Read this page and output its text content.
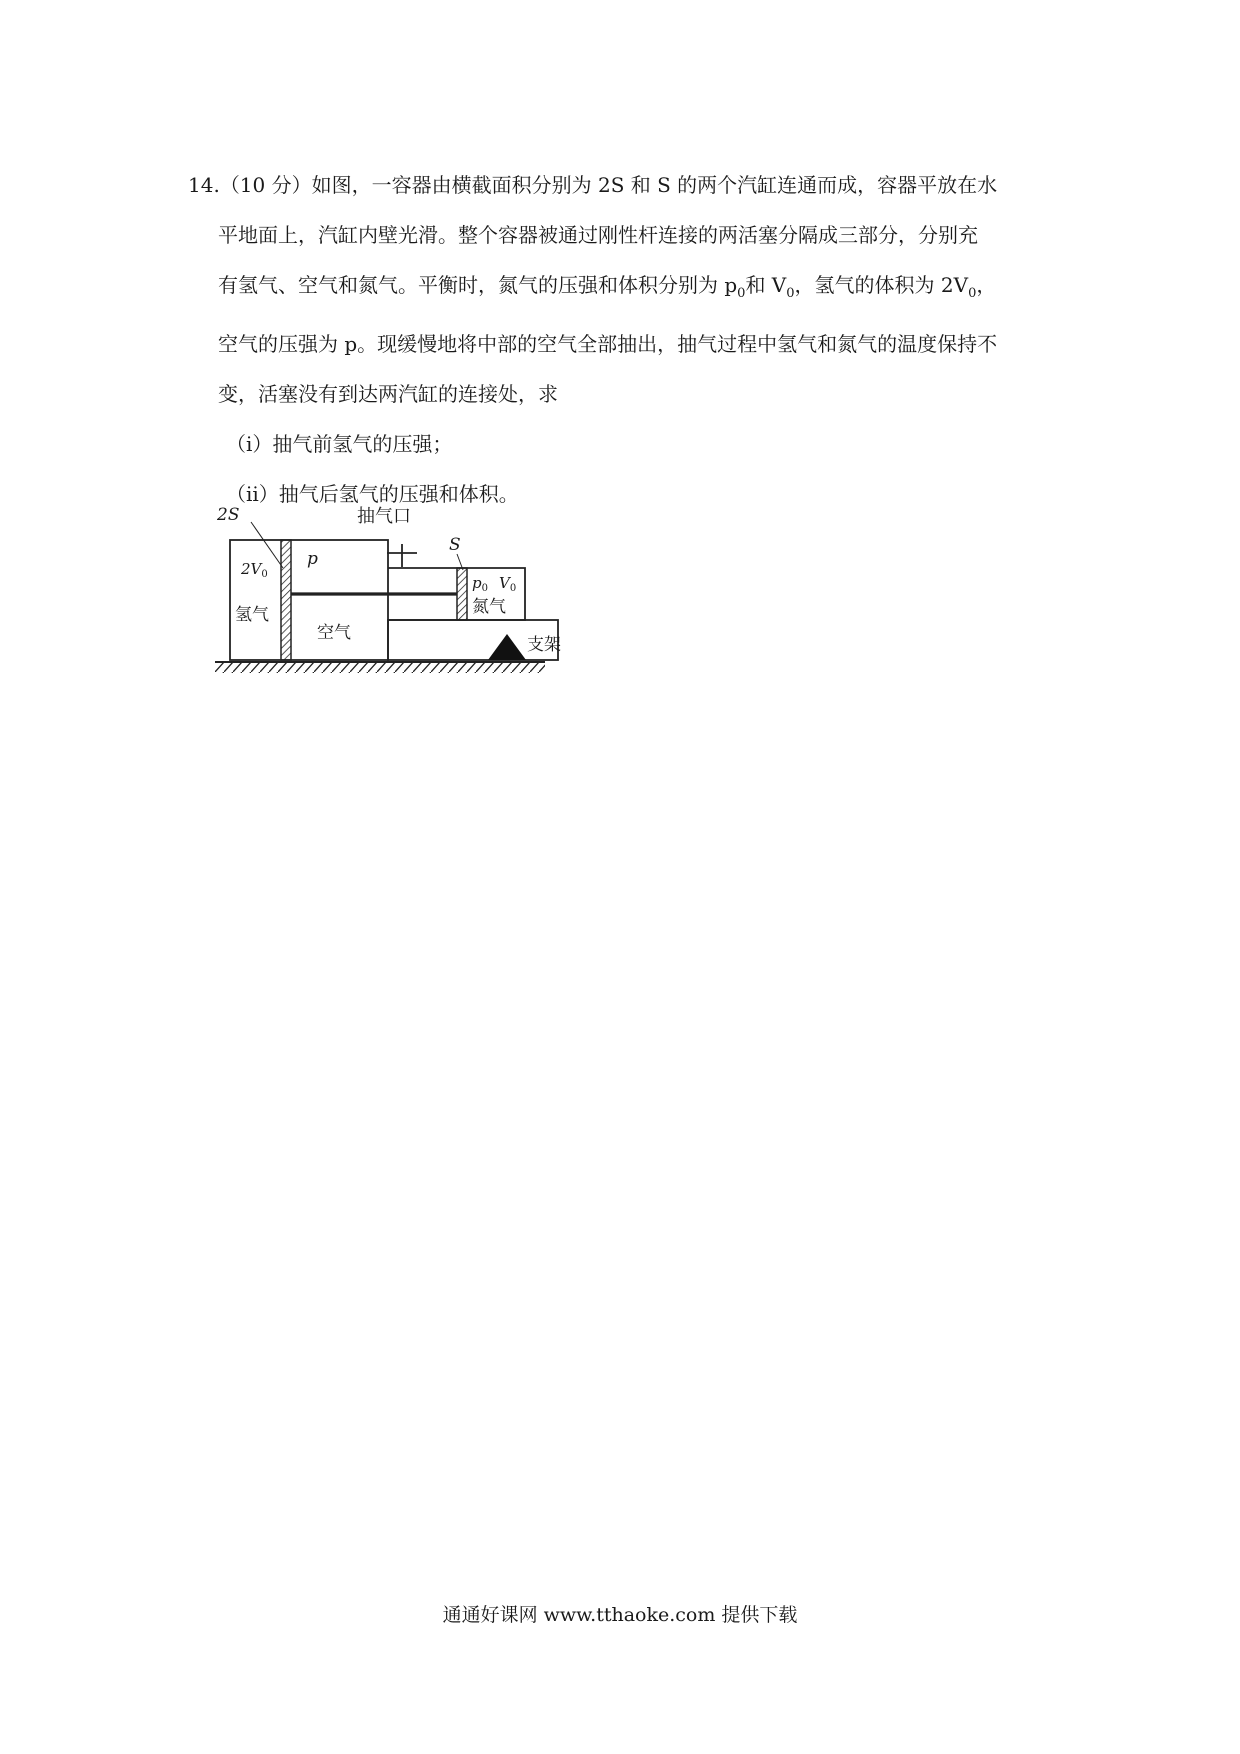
14.（10 分）如图，一容器由横截面积分别为 2S 和 S 的两个汽缸连通而成，容器平放在水
平地面上，汽缸内壁光滑。整个容器被通过刚性杆连接的两活塞分隔成三部分，分别充
有氢气、空气和氮气。平衡时，氮气的压强和体积分别为 $p_0$和 $V_0$，氢气的体积为 $2V_0$，
空气的压强为 p。现缓慢地将中部的空气全部抽出，抽气过程中氢气和氮气的温度保持不
变，活塞没有到达两汽缸的连接处，求
（i）抽气前氢气的压强；
（ii）抽气后氢气的压强和体积。
2S
$2V_0$
氢气
p
空气
抽气口
S
$p_0$ $V_0$
氮气
支架
通通好课网 www.tthaoke.com 提供下载
